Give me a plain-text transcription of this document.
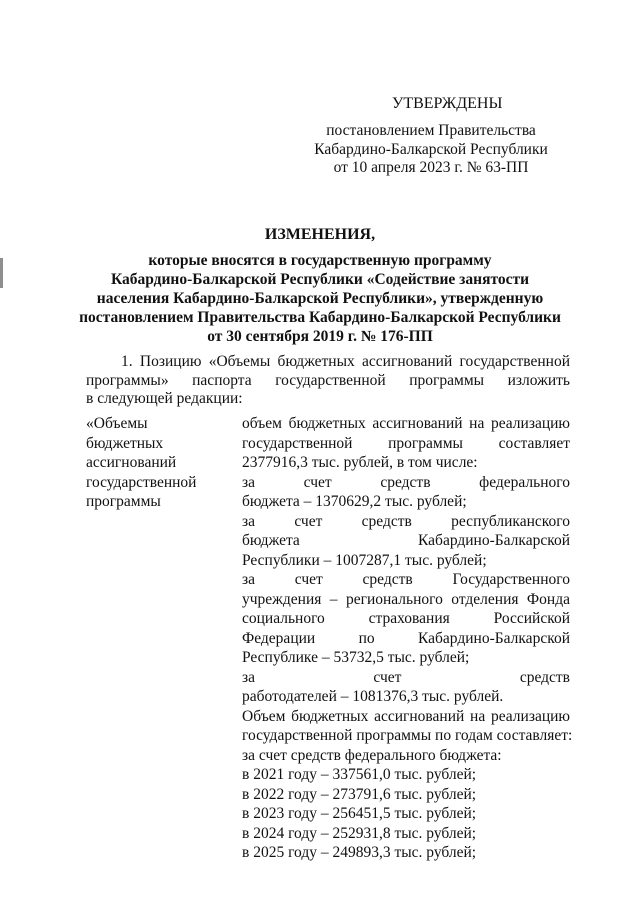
УТВЕРЖДЕНЫ
постановлением Правительства
Кабардино-Балкарской Республики
от 10 апреля 2023 г. № 63-ПП
ИЗМЕНЕНИЯ,
которые вносятся в государственную программу
Кабардино-Балкарской Республики «Содействие занятости
населения Кабардино-Балкарской Республики», утвержденную
постановлением Правительства Кабардино-Балкарской Республики
от 30 сентября 2019 г. № 176-ПП
1. Позицию «Объемы бюджетных ассигнований государственной
программы» паспорта государственной программы изложить
в следующей редакции:
«Объемы
бюджетных
ассигнований
государственной
программы
объем бюджетных ассигнований на реализацию
государственной программы составляет
2377916,3 тыс. рублей, в том числе:
за счет средств федерального
бюджета – 1370629,2 тыс. рублей;
за счет средств республиканского
бюджета Кабардино-Балкарской
Республики – 1007287,1 тыс. рублей;
за счет средств Государственного
учреждения – регионального отделения Фонда
социального страхования Российской
Федерации по Кабардино-Балкарской
Республике – 53732,5 тыс. рублей;
за счет средств
работодателей – 1081376,3 тыс. рублей.
Объем бюджетных ассигнований на реализацию
государственной программы по годам составляет:
за счет средств федерального бюджета:
в 2021 году – 337561,0 тыс. рублей;
в 2022 году – 273791,6 тыс. рублей;
в 2023 году – 256451,5 тыс. рублей;
в 2024 году – 252931,8 тыс. рублей;
в 2025 году – 249893,3 тыс. рублей;
